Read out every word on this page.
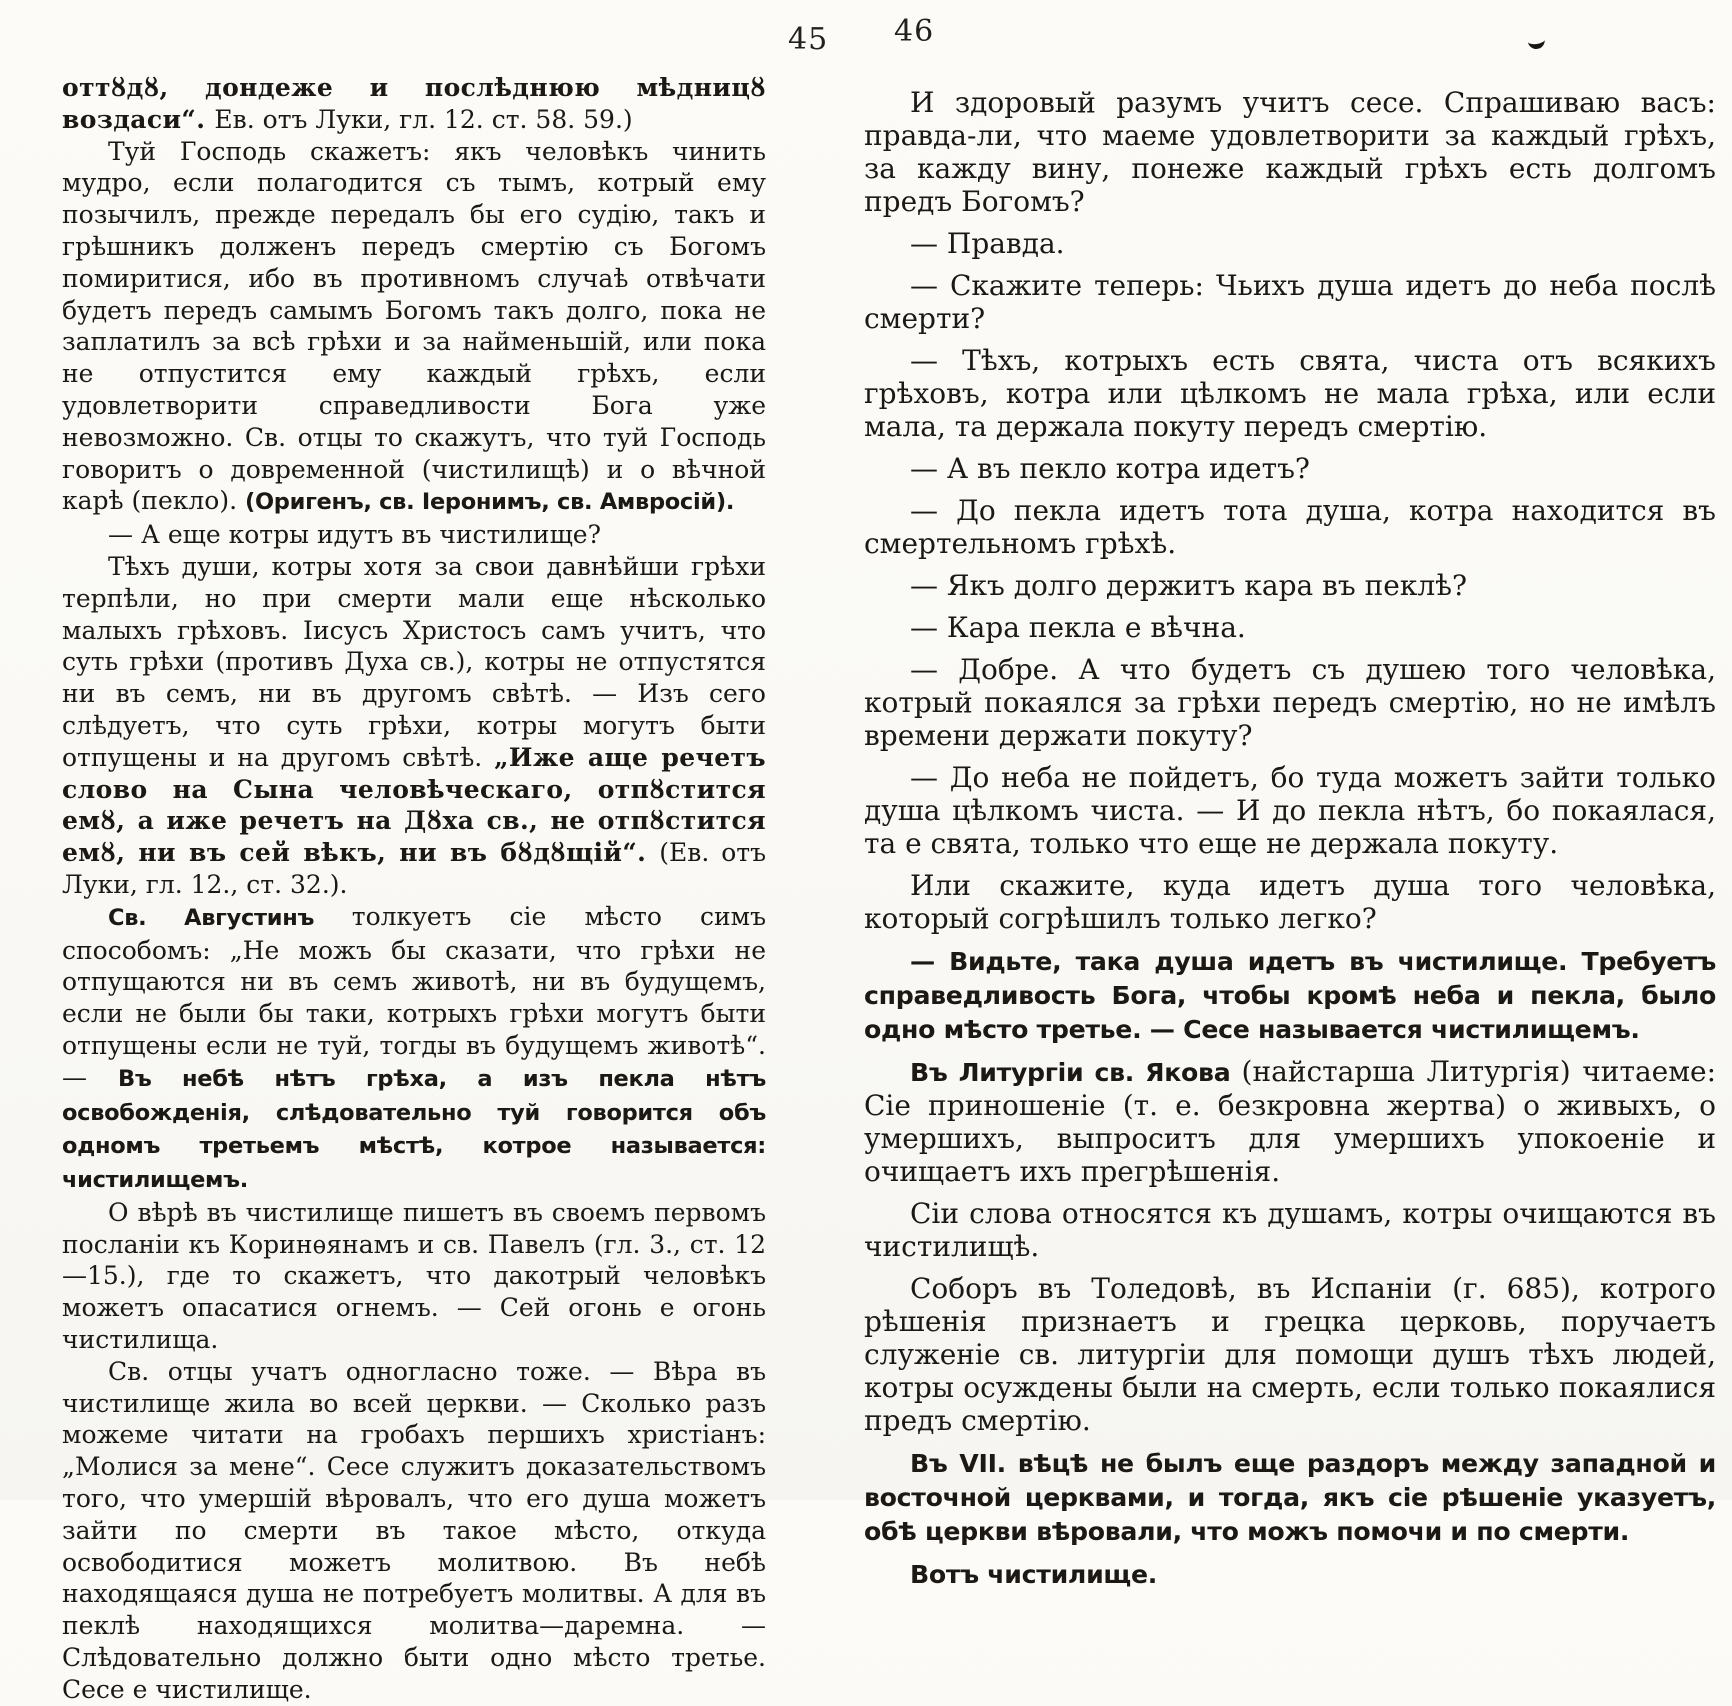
45 46

оттȣдȣ, дондеже и послѣднюю мѣдницȣ воздаси“. Ев. отъ Луки, гл. 12. ст. 58. 59.)

Туй Господь скажетъ: якъ человѣкъ чинить мудро, если полагодится съ тымъ, котрый ему позычилъ, прежде передалъ бы его судію, такъ и грѣшникъ долженъ передъ смертію съ Богомъ помиритися, ибо въ противномъ случаѣ отвѣчати будетъ передъ самымъ Богомъ такъ долго, пока не заплатилъ за всѣ грѣхи и за найменьшій, или пока не отпустится ему каждый грѣхъ, если удовлетворити справедливости Бога уже невозможно. Св. отцы то скажутъ, что туй Господь говоритъ о довременной (чистилищѣ) и о вѣчной карѣ (пекло). (Оригенъ, св. Іеронимъ, св. Амвросій).

— А еще котры идутъ въ чистилище?

Тѣхъ души, котры хотя за свои давнѣйши грѣхи терпѣли, но при смерти мали еще нѣсколько малыхъ грѣховъ. Іисусъ Христосъ самъ учитъ, что суть грѣхи (противъ Духа св.), котры не отпустятся ни въ семъ, ни въ другомъ свѣтѣ. — Изъ сего слѣдуетъ, что суть грѣхи, котры могутъ быти отпущены и на другомъ свѣтѣ. „Иже аще речетъ слово на Сына человѣческаго, отпȣстится емȣ, а иже речетъ на Дȣха св., не отпȣстится емȣ, ни въ сей вѣкъ, ни въ бȣдȣщій“. (Ев. отъ Луки, гл. 12., ст. 32.).

Св. Августинъ толкуетъ сіе мѣсто симъ способомъ: „Не можъ бы сказати, что грѣхи не отпущаются ни въ семъ животѣ, ни въ будущемъ, если не были бы таки, котрыхъ грѣхи могутъ быти отпущены если не туй, тогды въ будущемъ животѣ“. — Въ небѣ нѣтъ грѣха, а изъ пекла нѣтъ освобожденія, слѣдовательно туй говорится объ одномъ третьемъ мѣстѣ, котрое называется: чистилищемъ.

О вѣрѣ въ чистилище пишетъ въ своемъ первомъ посланіи къ Коринѳянамъ и св. Павелъ (гл. 3., ст. 12—15.), где то скажетъ, что дакотрый человѣкъ можетъ опасатися огнемъ. — Сей огонь е огонь чистилища.

Св. отцы учатъ одногласно тоже. — Вѣра въ чистилище жила во всей церкви. — Сколько разъ можеме читати на гробахъ першихъ христіанъ: „Молися за мене“. Сесе служитъ доказательствомъ того, что умершій вѣровалъ, что его душа можетъ зайти по смерти въ такое мѣсто, откуда освободитися можетъ молитвою. Въ небѣ находящаяся душа не потребуетъ молитвы. А для въ пеклѣ находящихся молитва—даремна. — Слѣдовательно должно быти одно мѣсто третье. Сесе е чистилище.

И здоровый разумъ учитъ сесе. Спрашиваю васъ: правда-ли, что маеме удовлетворити за каждый грѣхъ, за кажду вину, понеже каждый грѣхъ есть долгомъ предъ Богомъ?

— Правда.

— Скажите теперь: Чьихъ душа идетъ до неба послѣ смерти?

— Тѣхъ, котрыхъ есть свята, чиста отъ всякихъ грѣховъ, котра или цѣлкомъ не мала грѣха, или если мала, та держала покуту передъ смертію.

— А въ пекло котра идетъ?

— До пекла идетъ тота душа, котра находится въ смертельномъ грѣхѣ.

— Якъ долго держитъ кара въ пеклѣ?

— Кара пекла е вѣчна.

— Добре. А что будетъ съ душею того человѣка, котрый покаялся за грѣхи передъ смертію, но не имѣлъ времени держати покуту?

— До неба не пойдетъ, бо туда можетъ зайти только душа цѣлкомъ чиста. — И до пекла нѣтъ, бо покаялася, та е свята, только что еще не держала покуту.

Или скажите, куда идетъ душа того человѣка, который согрѣшилъ только легко?

— Видьте, така душа идетъ въ чистилище. Требуетъ справедливость Бога, чтобы кромѣ неба и пекла, было одно мѣсто третье. — Сесе называется чистилищемъ.

Въ Литургіи св. Якова (найстарша Литургія) читаеме: Сіе приношеніе (т. е. безкровна жертва) о живыхъ, о умершихъ, выпроситъ для умершихъ упокоеніе и очищаетъ ихъ прегрѣшенія.

Сіи слова относятся къ душамъ, котры очищаются въ чистилищѣ.

Соборъ въ Толедовѣ, въ Испаніи (г. 685), котрого рѣшенія признаетъ и грецка церковь, поручаетъ служеніе св. литургіи для помощи душъ тѣхъ людей, котры осуждены были на смерть, если только покаялися предъ смертію.

Въ VII. вѣцѣ не былъ еще раздоръ между западной и восточной церквами, и тогда, якъ сіе рѣшеніе указуетъ, обѣ церкви вѣровали, что можъ помочи и по смерти.

Вотъ чистилище.
